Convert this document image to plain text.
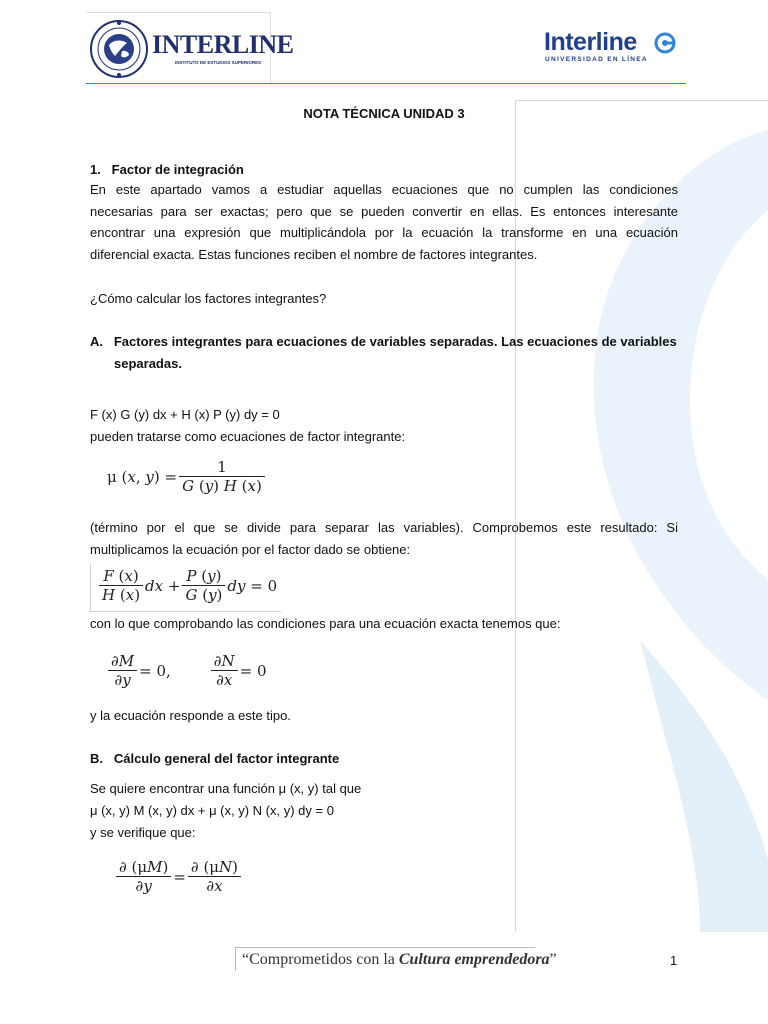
INTERLINE
INSTITUTO DE ESTUDIOS SUPERIORES
Interline
UNIVERSIDAD EN LÍNEA
NOTA TÉCNICA UNIDAD 3
1.   Factor de integración
En este apartado vamos a estudiar aquellas ecuaciones que no cumplen las condiciones
necesarias para ser exactas; pero que se pueden convertir en ellas. Es entonces interesante
encontrar una expresión que multiplicándola por la ecuación la transforme en una ecuación
diferencial exacta. Estas funciones reciben el nombre de factores integrantes.
¿Cómo calcular los factores integrantes?
A.   Factores integrantes para ecuaciones de variables separadas. Las ecuaciones de variables
separadas.
F (x) G (y) dx + H (x) P (y) dy = 0
pueden tratarse como ecuaciones de factor integrante:
μ (x, $y) = \frac{1}{G (y) H (x)}$
(término por el que se divide para separar las variables). Comprobemos este resultado: Si
multiplicamos la ecuación por el factor dado se obtiene:
$\frac{F (x)}{H (x)}$ dx + $\frac{P (y)}{G (y)}$ dy = 0
con lo que comprobando las condiciones para una ecuación exacta tenemos que:
$\frac{\partial M}{\partial y} = 0$,	$\frac{\partial N}{\partial x} = 0$
y la ecuación responde a este tipo.
B.   Cálculo general del factor integrante
Se quiere encontrar una función μ (x, y) tal que
μ (x, y) M (x, y) dx + μ (x, y) N (x, y) dy = 0
y se verifique que:
$\frac{\partial (\mu M)}{\partial y} = \frac{\partial (\mu N)}{\partial x}$
“Comprometidos con la Cultura emprendedora”	1
